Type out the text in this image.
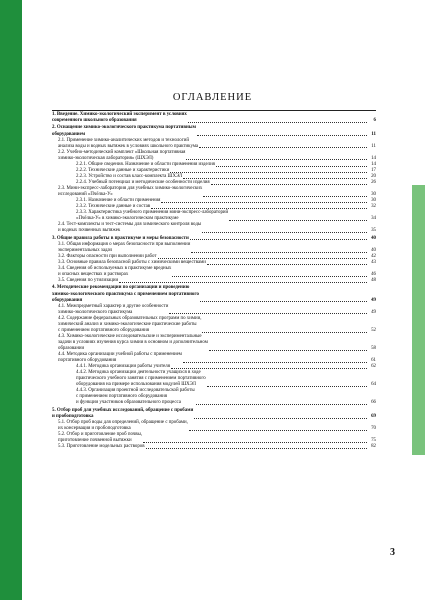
ОГЛАВЛЕНИЕ
1. Введение. Химико-экологический эксперимент в условиях
современного школьного образования	6
2. Оснащение химико-экологического практикума портативным
оборудованием	11
2.1. Применение химико-аналитических методов и технологий
анализа воды и водных вытяжек в условиях школьного практикума	11
2.2. Учебно-методический комплект «Школьная портативная
химико-экологическая лаборатория» (ШХЭЛ)	14
2.2.1. Общие сведения. Назначение и области применения изделия	14
2.2.2. Технические данные и характеристики	17
2.2.3. Устройство и состав класс-комплекта ШХЭЛ	20
2.2.4. Учебный потенциал и методические особенности изделия	26
2.3. Мини-экспресс-лаборатория для учебных химико-экологических
исследований «Пчёлка-У»	30
2.3.1. Назначение и области применения	30
2.3.2. Технические данные и состав	32
2.3.3. Характеристика учебного применения мини-экспресс-лабораторий
«Пчёлка-У» в химико-экологическом практикуме	34
2.4. Тест-комплекты и тест-системы для химического контроля воды
и водных почвенных вытяжек	35
3. Общие правила работы в практикуме и меры безопасности	40
3.1. Общая информация о мерах безопасности при выполнении
экспериментальных задач	40
3.2. Факторы опасности при выполнении работ	42
3.3. Основные правила безопасной работы с химическими веществами	43
3.4. Сведения об используемых в практикуме вредных
и опасных веществах и растворах	46
3.5. Сведения по утилизации	48
4. Методические рекомендации по организации и проведению
химико-экологического практикума с применением портативного
оборудования	49
4.1. Межпредметный характер и другие особенности
химико-экологического практикума	49
4.2. Содержание федеральных образовательных программ по химии,
химический анализ и химико-экологические практические работы
с применением портативного оборудования	52
4.3. Химико-экологические исследовательские и экспериментальные
задачи в условиях изучения курса химии в основном и дополнительном
образовании	58
4.4. Методика организации учебной работы с применением
портативного оборудования	61
4.4.1. Методика организации работы учителя	62
4.4.2. Методика организации деятельности учащихся в ходе
практического учебного занятия с применением портативного
оборудования на примере использования модулей ШХЭЛ	64
4.4.3. Организация проектной исследовательской работы
с применением портативного оборудования
и функции участников образовательного процесса	66
5. Отбор проб для учебных исследований, обращение с пробами
и пробоподготовка	69
5.1. Отбор проб воды для определений, обращение с пробами,
их консервация и пробоподготовка	70
5.2. Отбор и приготовление проб почвы,
приготовление почвенной вытяжки	75
5.3. Приготовление модельных растворов	82
3
